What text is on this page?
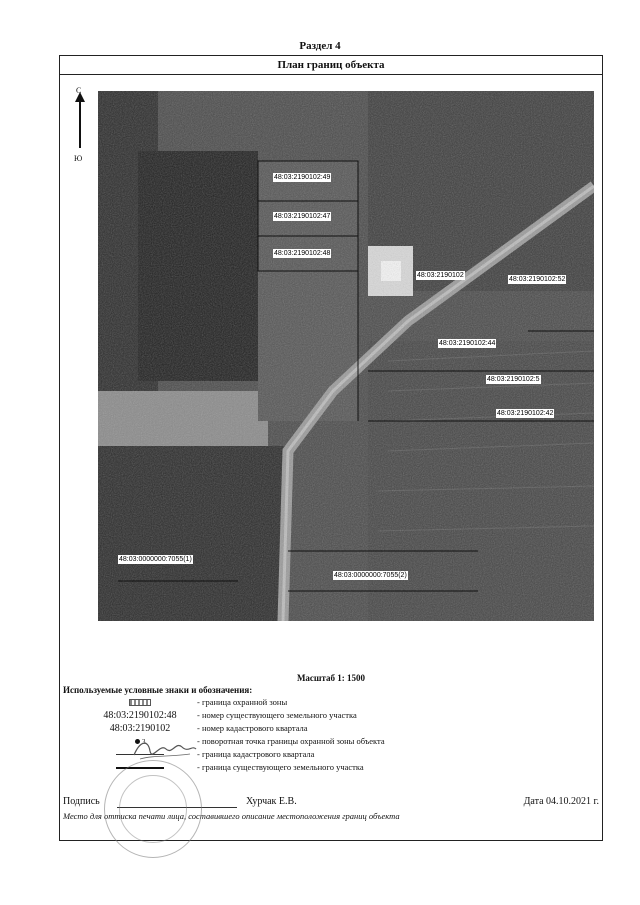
Раздел 4
План границ объекта
С
Ю
48:03:2190102:49
48:03:2190102:47
48:03:2190102:48
48:03:2190102
48:03:2190102:52
48:03:2190102:44
48:03:2190102:5
48:03:2190102:42
48:03:0000000:7055(1)
48:03:0000000:7055(2)
Масштаб 1: 1500
Используемые условные знаки и обозначения:
- граница охранной зоны
48:03:2190102:48	- номер существующего земельного участка
48:03:2190102	- номер кадастрового квартала
3	- поворотная точка границы охранной зоны объекта
- граница кадастрового квартала
- граница существующего земельного участка
Подпись	Хурчак Е.В.	Дата 04.10.2021 г.
Место для оттиска печати лица, составившего описание местоположения границ объекта
